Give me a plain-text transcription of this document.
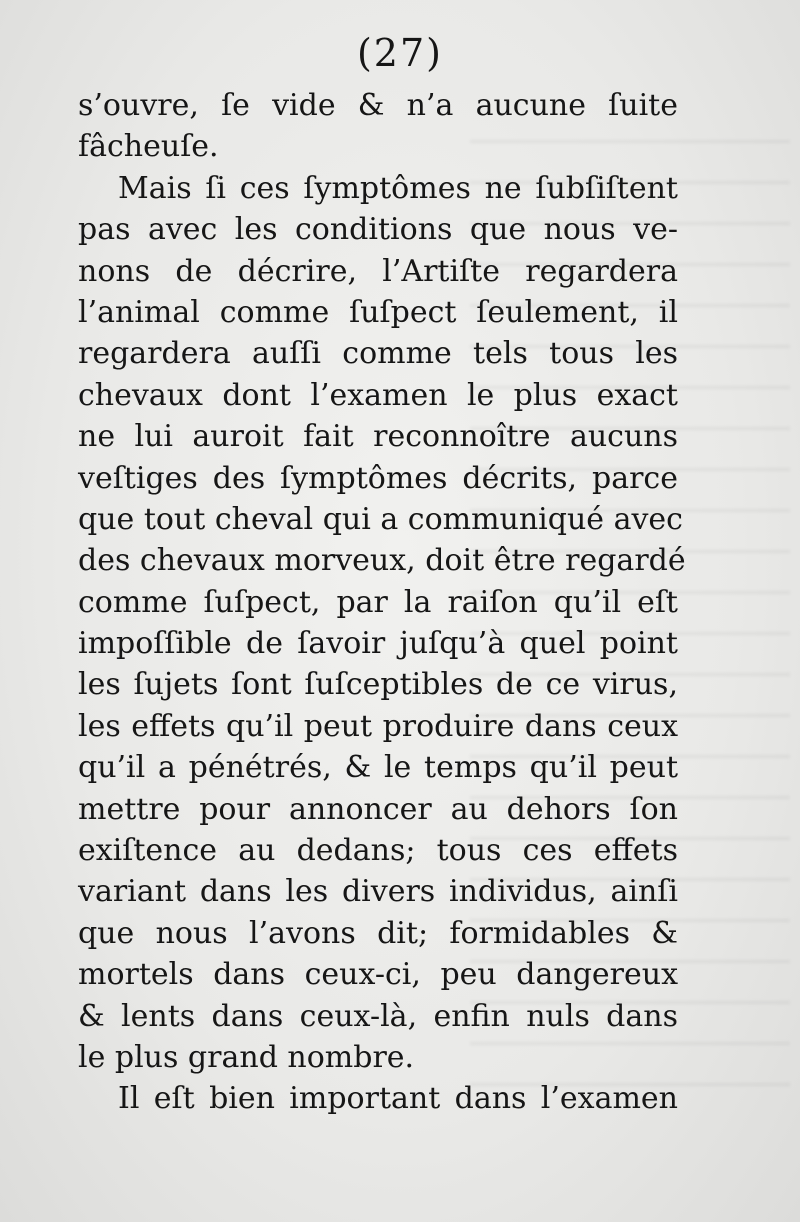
(27)
s’ouvre, ſe vide & n’a aucune ſuite
fâcheuſe.
Mais ſi ces ſymptômes ne ſubſiſtent
pas avec les conditions que nous ve-
nons de décrire, l’Artiſte regardera
l’animal comme ſuſpect ſeulement, il
regardera auſſi comme tels tous les
chevaux dont l’examen le plus exact
ne lui auroit fait reconnoître aucuns
veſtiges des ſymptômes décrits, parce
que tout cheval qui a communiqué avec
des chevaux morveux, doit être regardé
comme ſuſpect, par la raiſon qu’il eſt
impoſſible de ſavoir juſqu’à quel point
les ſujets ſont ſuſceptibles de ce virus,
les effets qu’il peut produire dans ceux
qu’il a pénétrés, & le temps qu’il peut
mettre pour annoncer au dehors ſon
exiſtence au dedans; tous ces effets
variant dans les divers individus, ainſi
que nous l’avons dit; formidables &
mortels dans ceux-ci, peu dangereux
& lents dans ceux-là, enfin nuls dans
le plus grand nombre.
Il eſt bien important dans l’examen
